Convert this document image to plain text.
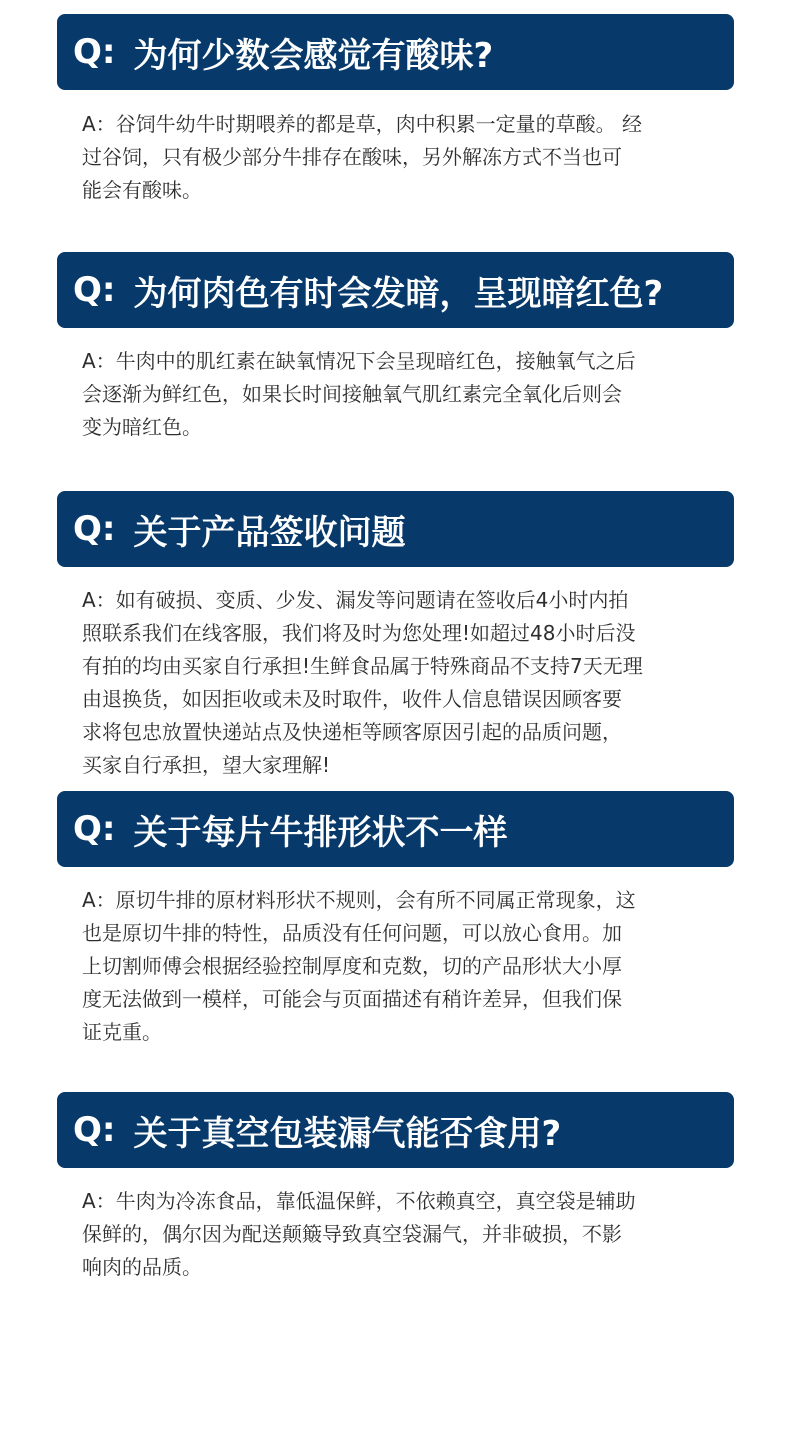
Q: 为何少数会感觉有酸味?
A：谷饲牛幼牛时期喂养的都是草，肉中积累一定量的草酸。 经
过谷饲，只有极少部分牛排存在酸味，另外解冻方式不当也可
能会有酸味。
Q: 为何肉色有时会发暗，呈现暗红色?
A：牛肉中的肌红素在缺氧情况下会呈现暗红色，接触氧气之后
会逐渐为鲜红色，如果长时间接触氧气肌红素完全氧化后则会
变为暗红色。
Q: 关于产品签收问题
A：如有破损、变质、少发、漏发等问题请在签收后4小时内拍
照联系我们在线客服，我们将及时为您处理!如超过48小时后没
有拍的均由买家自行承担!生鲜食品属于特殊商品不支持7天无理
由退换货，如因拒收或未及时取件，收件人信息错误因顾客要
求将包忠放置快递站点及快递柜等顾客原因引起的品质问题，
买家自行承担，望大家理解!
Q: 关于每片牛排形状不一样
A：原切牛排的原材料形状不规则，会有所不同属正常现象，这
也是原切牛排的特性，品质没有任何问题，可以放心食用。加
上切割师傅会根据经验控制厚度和克数，切的产品形状大小厚
度无法做到一模样，可能会与页面描述有稍许差异，但我们保
证克重。
Q: 关于真空包装漏气能否食用?
A：牛肉为冷冻食品，靠低温保鲜，不依赖真空，真空袋是辅助
保鲜的，偶尔因为配送颠簸导致真空袋漏气，并非破损，不影
响肉的品质。
